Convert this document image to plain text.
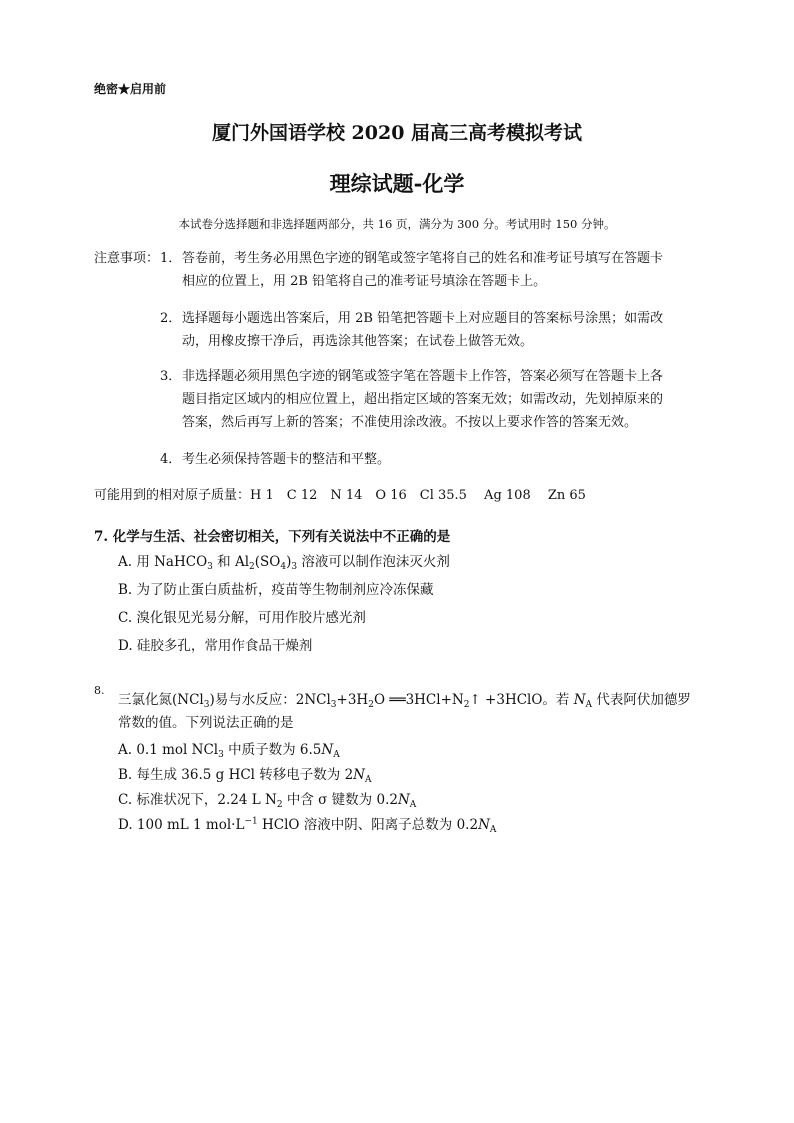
绝密★启用前
厦门外国语学校 2020 届高三高考模拟考试
理综试题-化学
本试卷分选择题和非选择题两部分，共 16 页，满分为 300 分。考试用时 150 分钟。
注意事项： 1． 答卷前，考生务必用黑色字迹的钢笔或签字笔将自己的姓名和准考证号填写在答题卡
相应的位置上，用 2B 铅笔将自己的准考证号填涂在答题卡上。
2． 选择题每小题选出答案后，用 2B 铅笔把答题卡上对应题目的答案标号涂黑；如需改
动，用橡皮擦干净后，再选涂其他答案；在试卷上做答无效。
3． 非选择题必须用黑色字迹的钢笔或签字笔在答题卡上作答，答案必须写在答题卡上各
题目指定区域内的相应位置上，超出指定区域的答案无效；如需改动，先划掉原来的
答案，然后再写上新的答案；不准使用涂改液。不按以上要求作答的答案无效。
4． 考生必须保持答题卡的整洁和平整。
可能用到的相对原子质量：H 1　C 12　N 14　O 16　Cl 35.5　 Ag 108　 Zn 65
7. 化学与生活、社会密切相关，下列有关说法中不正确的是
A. 用 NaHCO$_3$ 和 $Al_2(SO_4)_3$ 溶液可以制作泡沫灭火剂
B. 为了防止蛋白质盐析，疫苗等生物制剂应冷冻保藏
C. 溴化银见光易分解，可用作胶片感光剂
D. 硅胶多孔，常用作食品干燥剂
8.
三氯化氮(NCl$_3$)易与水反应：$2NCl_3+3H_2O$ $══3HCl+N_2↑$ +3HClO。若 $N_A$ 代表阿伏加德罗
常数的值。下列说法正确的是
A. 0.1 mol NCl$_3$ 中质子数为 $6.5N_A$
B. 每生成 36.5 g HCl 转移电子数为 $2N_A$
C. 标准状况下，2.24 L $N_2$ 中含 σ 键数为 $0.2N_A$
D. 100 mL 1 $mol\cdot L^{-1}$ HClO 溶液中阴、阳离子总数为 $0.2N_A$
